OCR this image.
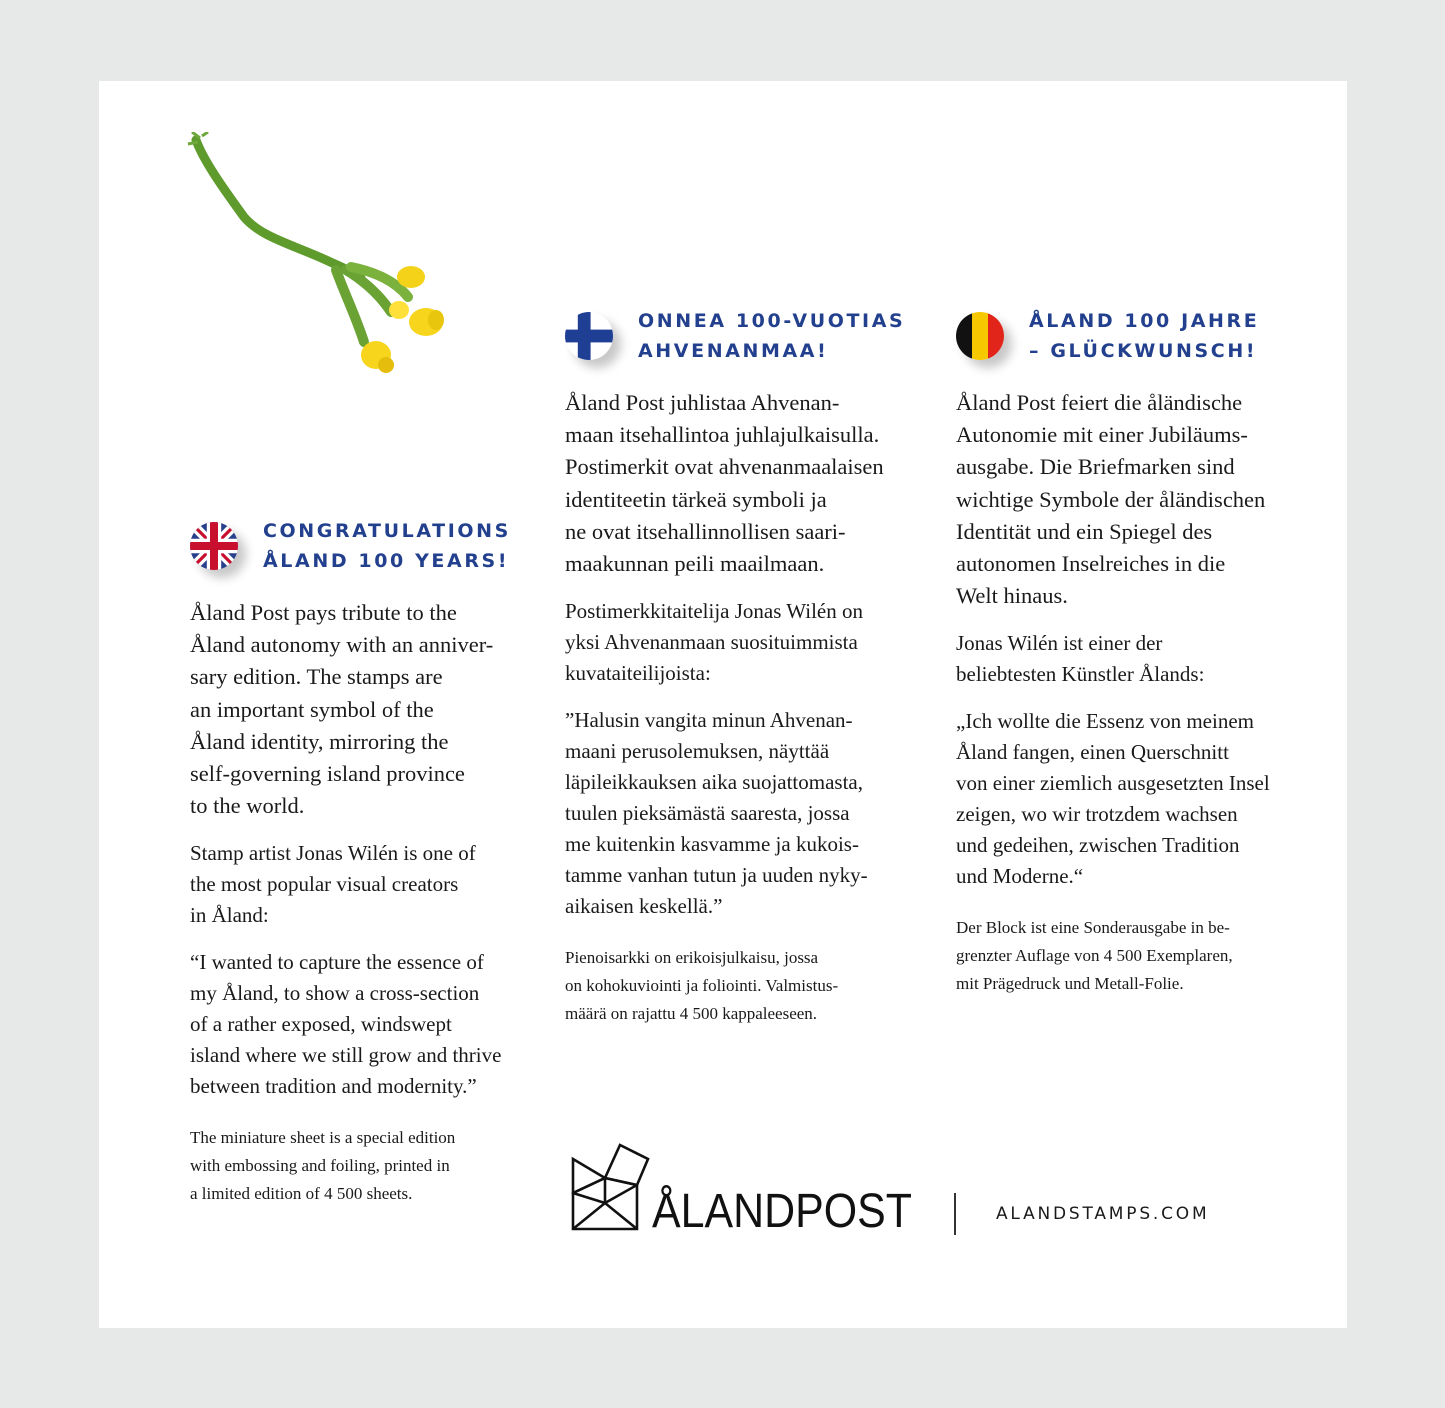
CONGRATULATIONS
ÅLAND 100 YEARS!

Åland Post pays tribute to the
Åland autonomy with an anniver-
sary edition. The stamps are
an important symbol of the
Åland identity, mirroring the
self-governing island province
to the world.

Stamp artist Jonas Wilén is one of
the most popular visual creators
in Åland:

“I wanted to capture the essence of
my Åland, to show a cross-section
of a rather exposed, windswept
island where we still grow and thrive
between tradition and modernity.”

The miniature sheet is a special edition
with embossing and foiling, printed in
a limited edition of 4 500 sheets.

ONNEA 100-VUOTIAS
AHVENANMAA!

Åland Post juhlistaa Ahvenan-
maan itsehallintoa juhlajulkaisulla.
Postimerkit ovat ahvenanmaalaisen
identiteetin tärkeä symboli ja
ne ovat itsehallinnollisen saari-
maakunnan peili maailmaan.

Postimerkkitaitelija Jonas Wilén on
yksi Ahvenanmaan suosituimmista
kuvataiteilijoista:

”Halusin vangita minun Ahvenan-
maani perusolemuksen, näyttää
läpileikkauksen aika suojattomasta,
tuulen pieksämästä saaresta, jossa
me kuitenkin kasvamme ja kukois-
tamme vanhan tutun ja uuden nyky-
aikaisen keskellä.”

Pienoisarkki on erikoisjulkaisu, jossa
on kohokuviointi ja foliointi. Valmistus-
määrä on rajattu 4 500 kappaleeseen.

ÅLAND 100 JAHRE
– GLÜCKWUNSCH!

Åland Post feiert die åländische
Autonomie mit einer Jubiläums-
ausgabe. Die Briefmarken sind
wichtige Symbole der åländischen
Identität und ein Spiegel des
autonomen Inselreiches in die
Welt hinaus.

Jonas Wilén ist einer der
beliebtesten Künstler Ålands:

„Ich wollte die Essenz von meinem
Åland fangen, einen Querschnitt
von einer ziemlich ausgesetzten Insel
zeigen, wo wir trotzdem wachsen
und gedeihen, zwischen Tradition
und Moderne.“

Der Block ist eine Sonderausgabe in be-
grenzter Auflage von 4 500 Exemplaren,
mit Prägedruck und Metall-Folie.

ÅLANDPOST	ALANDSTAMPS.COM
